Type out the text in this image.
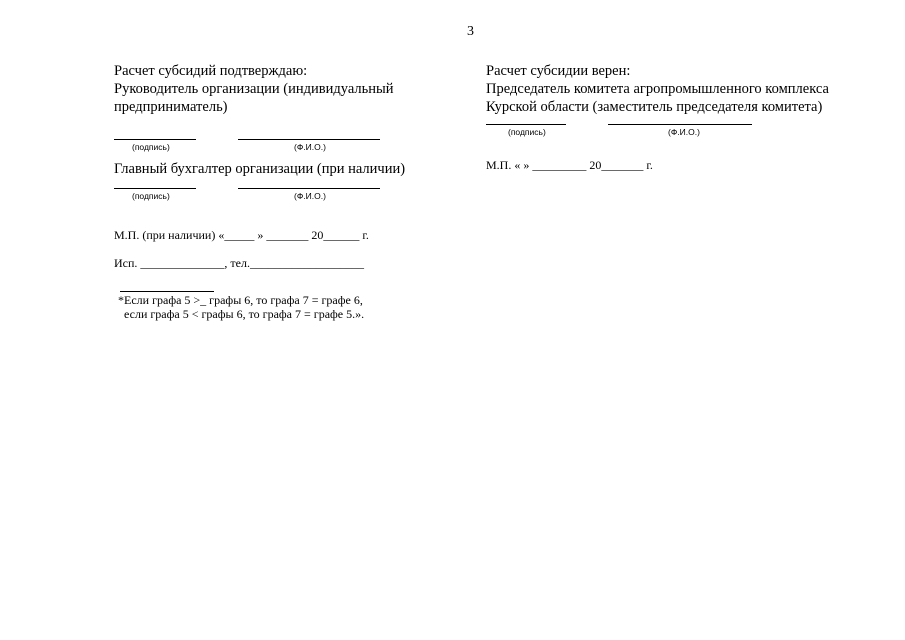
3
Расчет субсидий подтверждаю:
Руководитель организации (индивидуальный
предприниматель)
(подпись)	(Ф.И.О.)
Главный бухгалтер организации (при наличии)
(подпись)	(Ф.И.О.)
М.П. (при наличии) «_____ » _______ 20______ г.
Исп. ______________, тел.___________________
*Если графа 5 >_ графы 6, то графа 7 = графе 6,
если графа 5 < графы 6, то графа 7 = графе 5.».
Расчет субсидии верен:
Председатель комитета агропромышленного комплекса
Курской области (заместитель председателя комитета)
(подпись)	(Ф.И.О.)
М.П. « » _________ 20_______ г.
